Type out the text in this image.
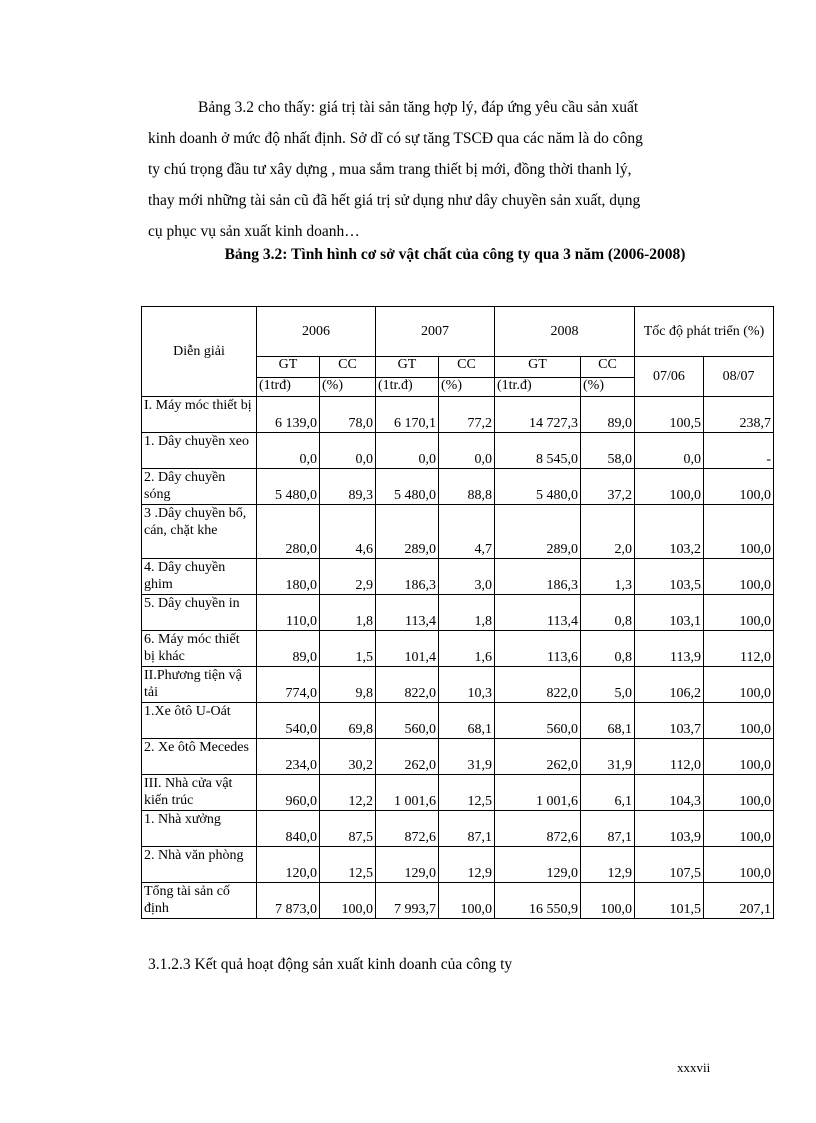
Bảng 3.2 cho thấy: giá trị tài sản tăng hợp lý, đáp ứng yêu cầu sản xuất
kinh doanh ở mức độ nhất định. Sở dĩ có sự tăng TSCĐ qua các năm là do công
ty chú trọng đầu tư xây dựng , mua sắm trang thiết bị mới, đồng thời thanh lý,
thay mới những tài sản cũ đã hết giá trị sử dụng như dây chuyền sản xuất, dụng
cụ phục vụ sản xuất kinh doanh…
Bảng 3.2: Tình hình cơ sở vật chất của công ty qua 3 năm (2006-2008)
Diễn giải	2006		2007		2008		Tốc độ phát triển (%)	
	GT	CC	GT	CC	GT	CC	07/06	08/07
	(1trđ)	(%)	(1tr.đ)	(%)	(1tr.đ)	(%)		
I. Máy móc thiết bị	6 139,0	78,0	6 170,1	77,2	14 727,3	89,0	100,5	238,7
1. Dây chuyền xeo	0,0	0,0	0,0	0,0	8 545,0	58,0	0,0	-
2. Dây chuyền sóng	5 480,0	89,3	5 480,0	88,8	5 480,0	37,2	100,0	100,0
3 .Dây chuyền bổ, cán, chặt khe	280,0	4,6	289,0	4,7	289,0	2,0	103,2	100,0
4. Dây chuyền ghim	180,0	2,9	186,3	3,0	186,3	1,3	103,5	100,0
5. Dây chuyền in	110,0	1,8	113,4	1,8	113,4	0,8	103,1	100,0
6. Máy móc thiết bị khác	89,0	1,5	101,4	1,6	113,6	0,8	113,9	112,0
II.Phương tiện vậ tải	774,0	9,8	822,0	10,3	822,0	5,0	106,2	100,0
1.Xe ôtô U-Oát	540,0	69,8	560,0	68,1	560,0	68,1	103,7	100,0
2. Xe ôtô Mecedes	234,0	30,2	262,0	31,9	262,0	31,9	112,0	100,0
III. Nhà cửa vật kiến trúc	960,0	12,2	1 001,6	12,5	1 001,6	6,1	104,3	100,0
1. Nhà xưởng	840,0	87,5	872,6	87,1	872,6	87,1	103,9	100,0
2. Nhà văn phòng	120,0	12,5	129,0	12,9	129,0	12,9	107,5	100,0
Tổng tài sản cố định	7 873,0	100,0	7 993,7	100,0	16 550,9	100,0	101,5	207,1
3.1.2.3 Kết quả hoạt động sản xuất kinh doanh của công ty
xxxvii
